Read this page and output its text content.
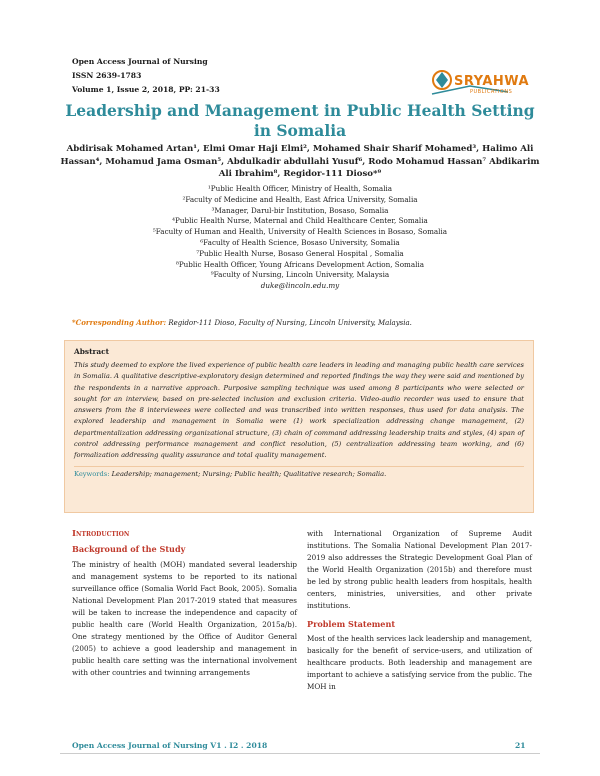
Open Access Journal of Nursing
ISSN 2639-1783
Volume 1, Issue 2, 2018, PP: 21-33
SRYAHWA
PUBLICATIONS
Leadership and Management in Public Health Setting in Somalia
Abdirisak Mohamed Artan¹, Elmi Omar Haji Elmi², Mohamed Shair Sharif Mohamed³, Halimo Ali Hassan⁴, Mohamud Jama Osman⁵, Abdulkadir abdullahi Yusuf⁶, Rodo Mohamud Hassan⁷ Abdikarim Ali Ibrahim⁸, Regidor-111 Dioso*⁹
¹Public Health Officer, Ministry of Health, Somalia
²Faculty of Medicine and Health, East Africa University, Somalia
³Manager, Darul-bir Institution, Bosaso, Somalia
⁴Public Health Nurse, Maternal and Child Healthcare Center, Somalia
⁵Faculty of Human and Health, University of Health Sciences in Bosaso, Somalia
⁶Faculty of Health Science, Bosaso University, Somalia
⁷Public Health Nurse, Bosaso General Hospital , Somalia
⁸Public Health Officer, Young Africans Development Action, Somalia
⁹Faculty of Nursing, Lincoln University, Malaysia
duke@lincoln.edu.my
*Corresponding Author: Regidor-111 Dioso, Faculty of Nursing, Lincoln University, Malaysia.
Abstract
This study deemed to explore the lived experience of public health care leaders in leading and managing public health care services in Somalia. A qualitative descriptive-exploratory design determined and reported findings the way they were said and mentioned by the respondents in a narrative approach. Purposive sampling technique was used among 8 participants who were selected or sought for an interview, based on pre-selected inclusion and exclusion criteria. Video-audio recorder was used to ensure that answers from the 8 interviewees were collected and was transcribed into written responses, thus used for data analysis. The explored leadership and management in Somalia were (1) work specialization addressing change management, (2) departmentalization addressing organizational structure, (3) chain of command addressing leadership traits and styles, (4) span of control addressing performance management and conflict resolution, (5) centralization addressing team working, and (6) formalization addressing quality assurance and total quality management.
Keywords: Leadership; management; Nursing; Public health; Qualitative research; Somalia.
Introduction
Background of the Study
The ministry of health (MOH) mandated several leadership and management systems to be reported to its national surveillance office (Somalia World Fact Book, 2005). Somalia National Development Plan 2017-2019 stated that measures will be taken to increase the independence and capacity of public health care (World Health Organization, 2015a/b). One strategy mentioned by the Office of Auditor General (2005) to achieve a good leadership and management in public health care setting was the international involvement with other countries and twinning arrangements
with International Organization of Supreme Audit institutions. The Somalia National Development Plan 2017-2019 also addresses the Strategic Development Goal Plan of the World Health Organization (2015b) and therefore must be led by strong public health leaders from hospitals, health centers, ministries, universities, and other private institutions.
Problem Statement
Most of the health services lack leadership and management, basically for the benefit of service-users, and utilization of healthcare products. Both leadership and management are important to achieve a satisfying service from the public. The MOH in
Open Access Journal of Nursing V1 . I2 . 2018	21
